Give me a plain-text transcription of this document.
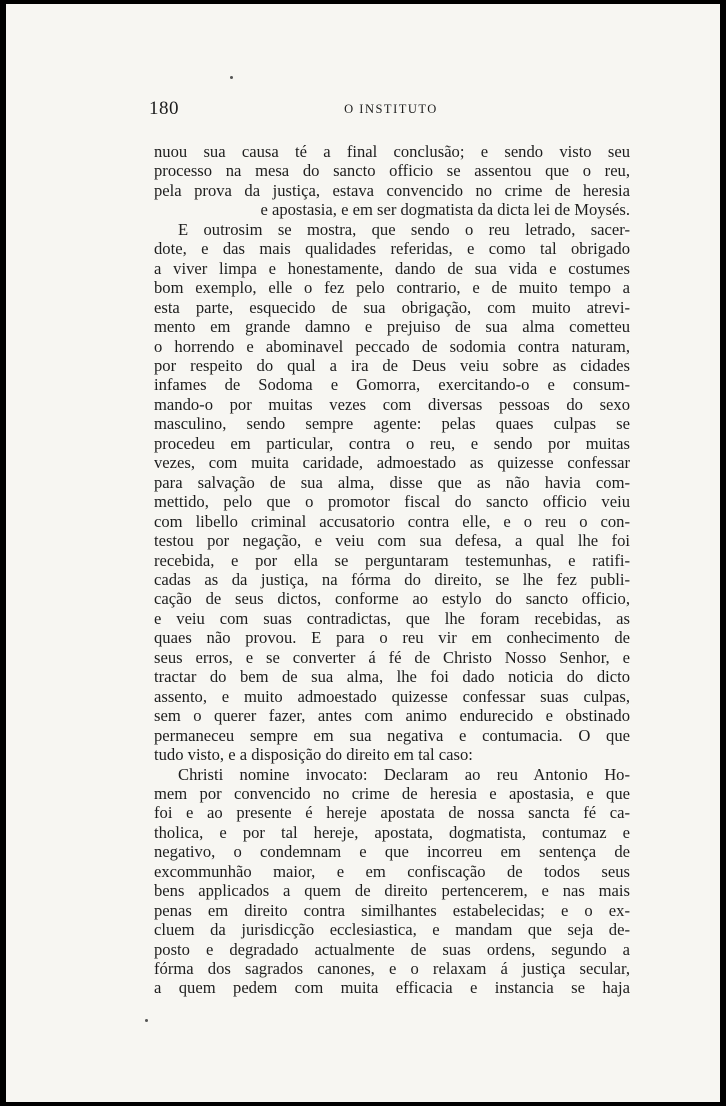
180	O INSTITUTO
nuou sua causa té a final conclusão; e sendo visto seu
processo na mesa do sancto officio se assentou que o reu,
pela prova da justiça, estava convencido no crime de heresia
e apostasia, e em ser dogmatista da dicta lei de Moysés.
E outrosim se mostra, que sendo o reu letrado, sacer-
dote, e das mais qualidades referidas, e como tal obrigado
a viver limpa e honestamente, dando de sua vida e costumes
bom exemplo, elle o fez pelo contrario, e de muito tempo a
esta parte, esquecido de sua obrigação, com muito atrevi-
mento em grande damno e prejuiso de sua alma cometteu
o horrendo e abominavel peccado de sodomia contra naturam,
por respeito do qual a ira de Deus veiu sobre as cidades
infames de Sodoma e Gomorra, exercitando-o e consum-
mando-o por muitas vezes com diversas pessoas do sexo
masculino, sendo sempre agente: pelas quaes culpas se
procedeu em particular, contra o reu, e sendo por muitas
vezes, com muita caridade, admoestado as quizesse confessar
para salvação de sua alma, disse que as não havia com-
mettido, pelo que o promotor fiscal do sancto officio veiu
com libello criminal accusatorio contra elle, e o reu o con-
testou por negação, e veiu com sua defesa, a qual lhe foi
recebida, e por ella se perguntaram testemunhas, e ratifi-
cadas as da justiça, na fórma do direito, se lhe fez publi-
cação de seus dictos, conforme ao estylo do sancto officio,
e veiu com suas contradictas, que lhe foram recebidas, as
quaes não provou. E para o reu vir em conhecimento de
seus erros, e se converter á fé de Christo Nosso Senhor, e
tractar do bem de sua alma, lhe foi dado noticia do dicto
assento, e muito admoestado quizesse confessar suas culpas,
sem o querer fazer, antes com animo endurecido e obstinado
permaneceu sempre em sua negativa e contumacia. O que
tudo visto, e a disposição do direito em tal caso:
Christi nomine invocato: Declaram ao reu Antonio Ho-
mem por convencido no crime de heresia e apostasia, e que
foi e ao presente é hereje apostata de nossa sancta fé ca-
tholica, e por tal hereje, apostata, dogmatista, contumaz e
negativo, o condemnam e que incorreu em sentença de
excommunhão maior, e em confiscação de todos seus
bens applicados a quem de direito pertencerem, e nas mais
penas em direito contra similhantes estabelecidas; e o ex-
cluem da jurisdicção ecclesiastica, e mandam que seja de-
posto e degradado actualmente de suas ordens, segundo a
fórma dos sagrados canones, e o relaxam á justiça secular,
a quem pedem com muita efficacia e instancia se haja
